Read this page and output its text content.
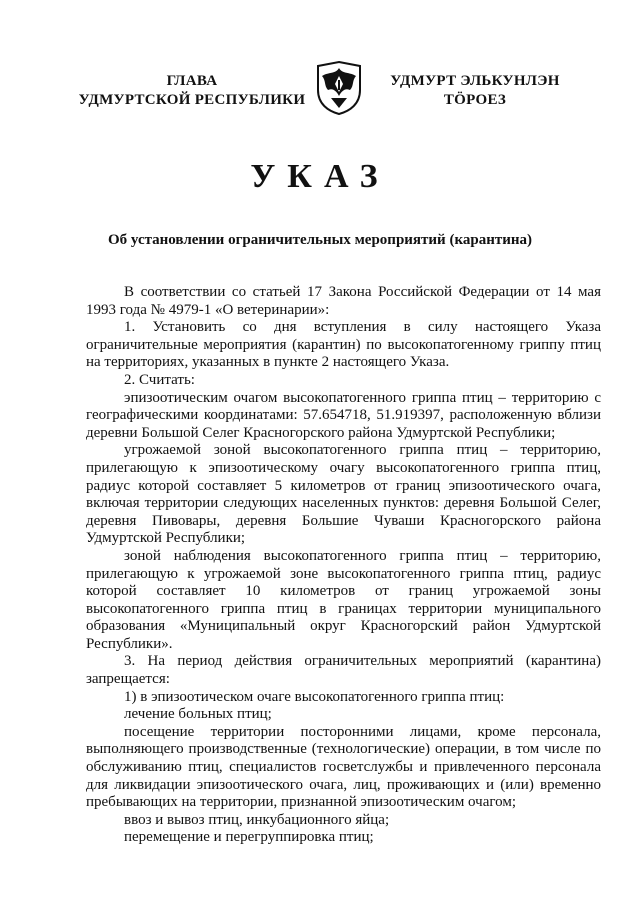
ГЛАВА
УДМУРТСКОЙ РЕСПУБЛИКИ
УДМУРТ ЭЛЬКУНЛЭН
ТӦРОЕЗ
УКАЗ
Об установлении ограничительных мероприятий (карантина)

В соответствии со статьей 17 Закона Российской Федерации от 14 мая 1993 года № 4979-1 «О ветеринарии»:

1. Установить со дня вступления в силу настоящего Указа ограничительные мероприятия (карантин) по высокопатогенному гриппу птиц на территориях, указанных в пункте 2 настоящего Указа.

2. Считать:

эпизоотическим очагом высокопатогенного гриппа птиц – территорию с географическими координатами: 57.654718, 51.919397, расположенную вблизи деревни Большой Селег Красногорского района Удмуртской Республики;

угрожаемой зоной высокопатогенного гриппа птиц – территорию, прилегающую к эпизоотическому очагу высокопатогенного гриппа птиц, радиус которой составляет 5 километров от границ эпизоотического очага, включая территории следующих населенных пунктов: деревня Большой Селег, деревня Пивовары, деревня Большие Чуваши Красногорского района Удмуртской Республики;

зоной наблюдения высокопатогенного гриппа птиц – территорию, прилегающую к угрожаемой зоне высокопатогенного гриппа птиц, радиус которой составляет 10 километров от границ угрожаемой зоны высокопатогенного гриппа птиц в границах территории муниципального образования «Муниципальный округ Красногорский район Удмуртской Республики».

3. На период действия ограничительных мероприятий (карантина) запрещается:

1) в эпизоотическом очаге высокопатогенного гриппа птиц:

лечение больных птиц;

посещение территории посторонними лицами, кроме персонала, выполняющего производственные (технологические) операции, в том числе по обслуживанию птиц, специалистов госветслужбы и привлеченного персонала для ликвидации эпизоотического очага, лиц, проживающих и (или) временно пребывающих на территории, признанной эпизоотическим очагом;

ввоз и вывоз птиц, инкубационного яйца;

перемещение и перегруппировка птиц;
